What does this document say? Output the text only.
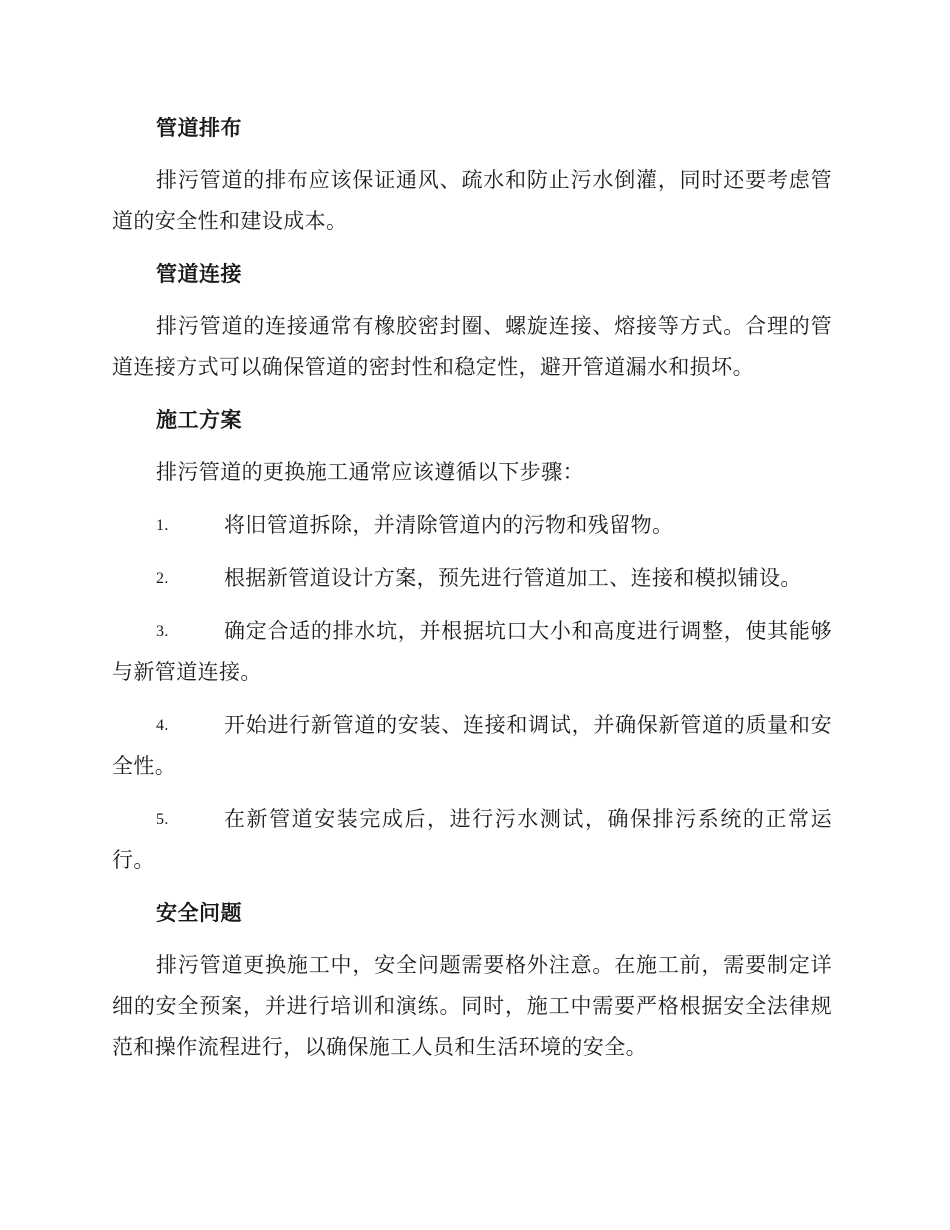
管道排布

排污管道的排布应该保证通风、疏水和防止污水倒灌，同时还要考虑管道的安全性和建设成本。

管道连接

排污管道的连接通常有橡胶密封圈、螺旋连接、熔接等方式。合理的管道连接方式可以确保管道的密封性和稳定性，避开管道漏水和损坏。

施工方案

排污管道的更换施工通常应该遵循以下步骤：

1.	将旧管道拆除，并清除管道内的污物和残留物。
2.	根据新管道设计方案，预先进行管道加工、连接和模拟铺设。
3.	确定合适的排水坑，并根据坑口大小和高度进行调整，使其能够与新管道连接。
4.	开始进行新管道的安装、连接和调试，并确保新管道的质量和安全性。
5.	在新管道安装完成后，进行污水测试，确保排污系统的正常运行。
安全问题

排污管道更换施工中，安全问题需要格外注意。在施工前，需要制定详细的安全预案，并进行培训和演练。同时，施工中需要严格根据安全法律规范和操作流程进行，以确保施工人员和生活环境的安全。
